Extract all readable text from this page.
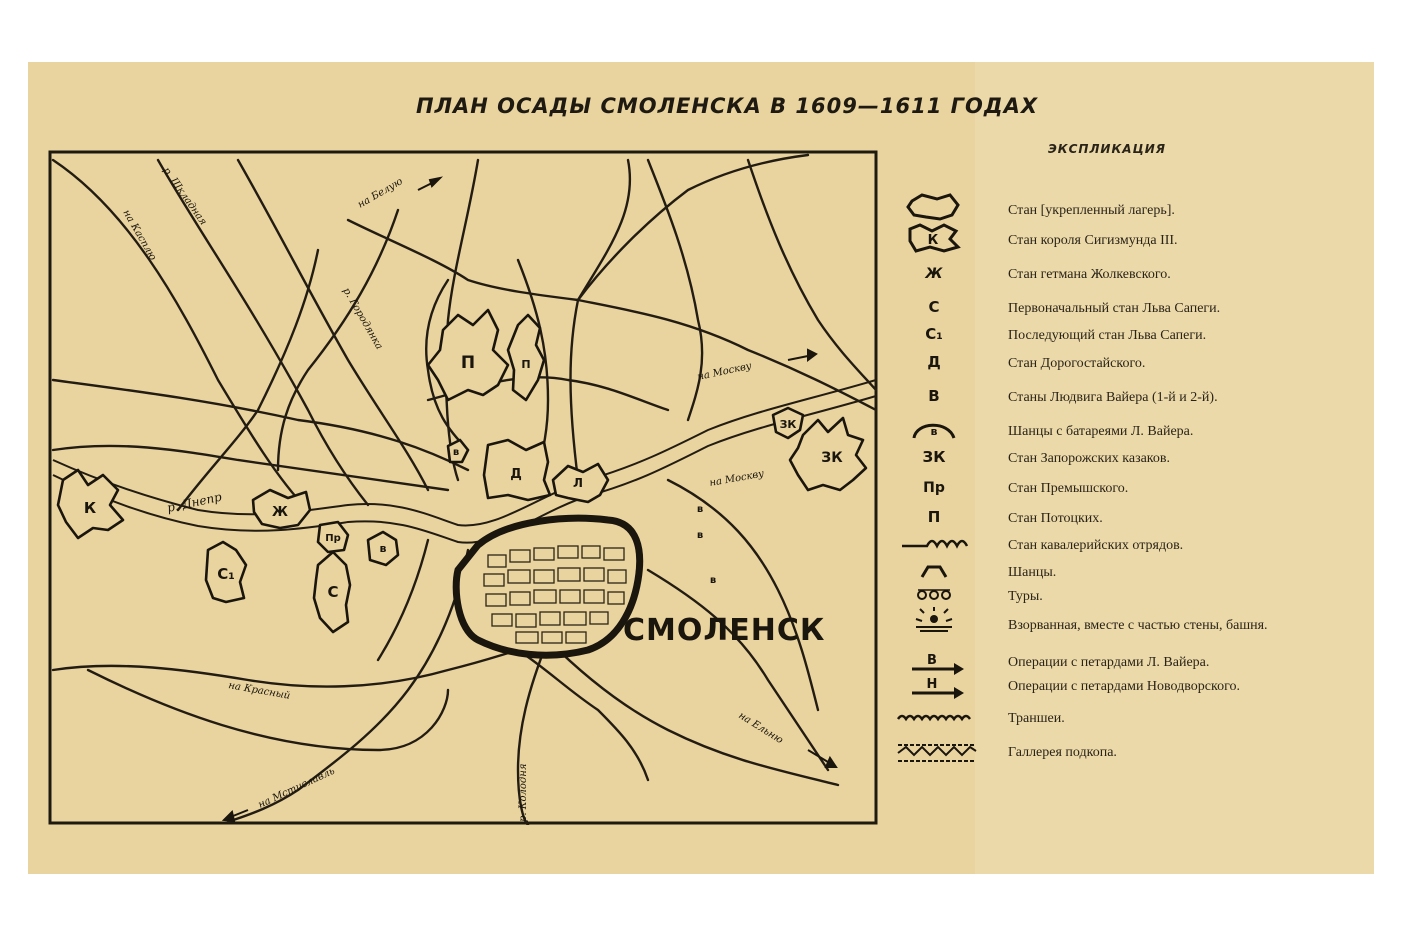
ПЛАН ОСАДЫ СМОЛЕНСКА В 1609—1611 ГОДАХ
ЭКСПЛИКАЦИЯ
К	Ж
С₁
С
Пр
П	П
Д
Л
ЗК
ЗК
в
в
в
в
в
СМОЛЕНСК
р. Днепр
на Белую
на Касплю
р. Шкладная
р. Городянка
на Москву
на Москву
на Красный
на Мстиславль
на Ельню
р. Колодня
Стан [укрепленный лагерь].
К	Стан короля Сигизмунда III.
Ж	Стан гетмана Жолкевского.
С	Первоначальный стан Льва Сапеги.
С₁	Последующий стан Льва Сапеги.
Д	Стан Дорогостайского.
В	Станы Людвига Вайера (1-й и 2-й).
в	Шанцы с батареями Л. Вайера.
ЗК	Стан Запорожских казаков.
Пр	Стан Премышского.
П	Стан Потоцких.
Стан кавалерийских отрядов.
Шанцы.
Туры.
Взорванная, вместе с частью стены, башня.
В	Операции с петардами Л. Вайера.
Н	Операции с петардами Новодворского.
Траншеи.
Галлерея подкопа.
